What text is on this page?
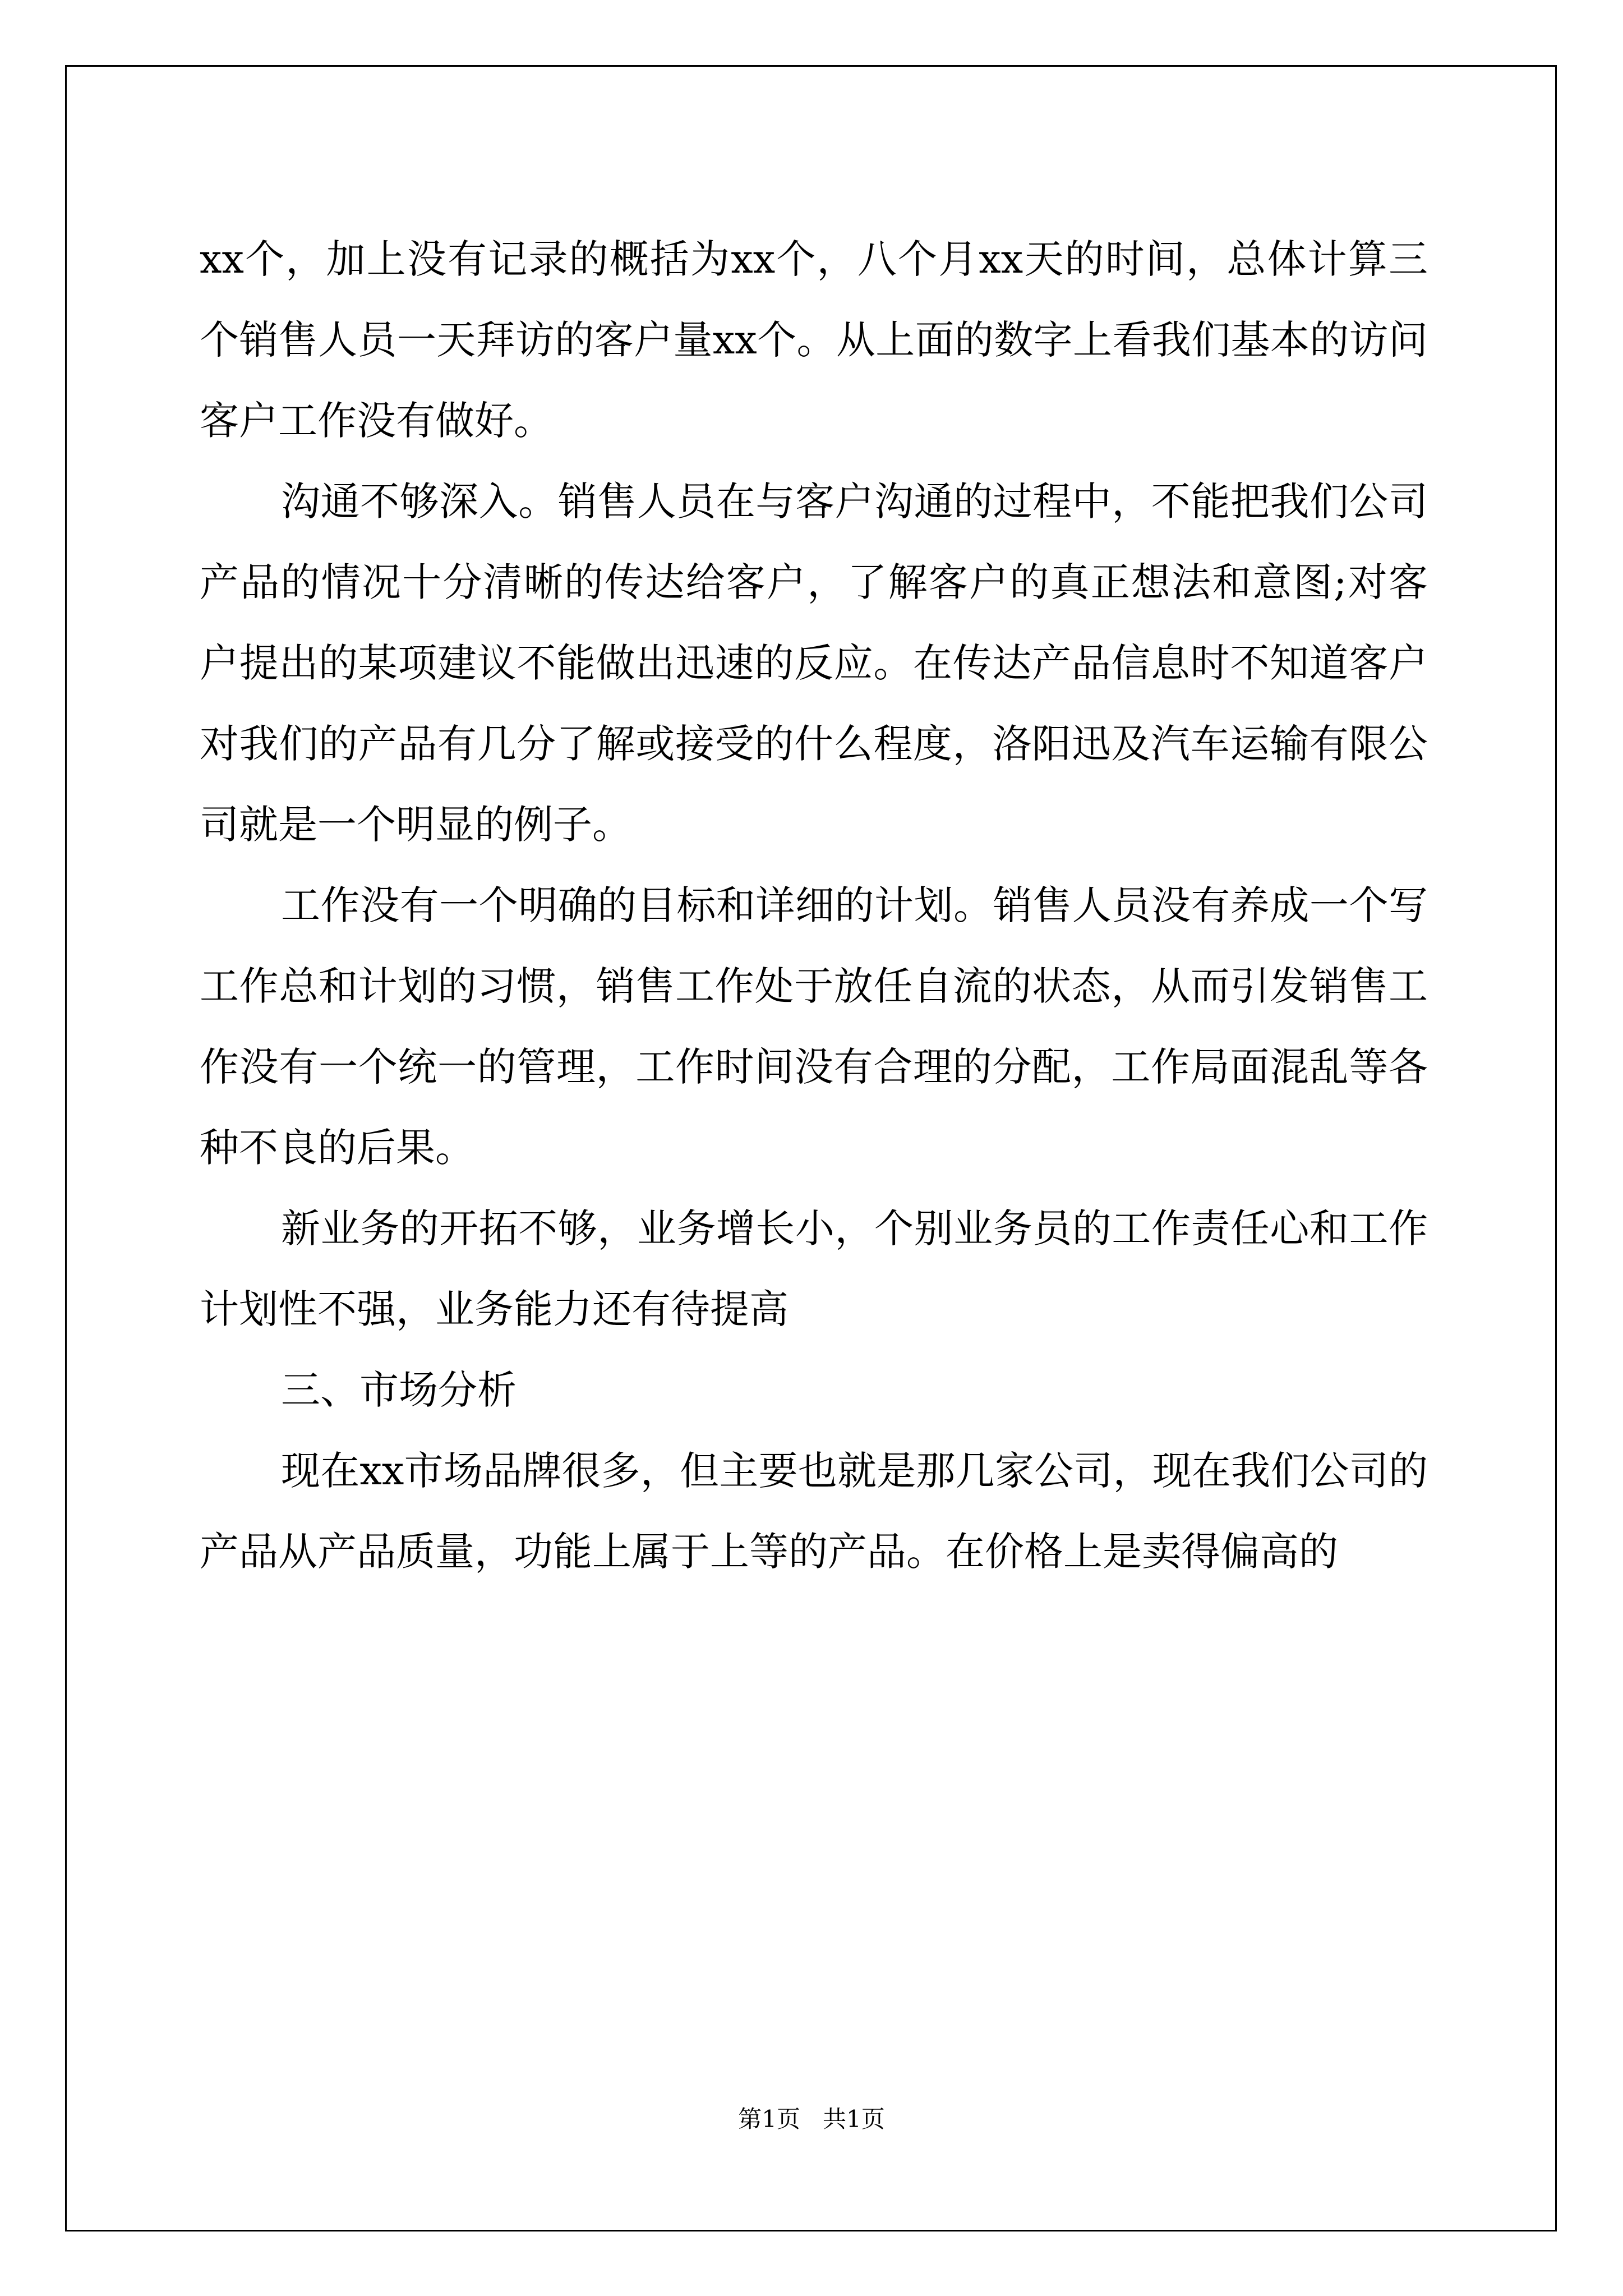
xx个，加上没有记录的概括为xx个，八个月xx天的时间，总体计算三个销售人员一天拜访的客户量xx个。从上面的数字上看我们基本的访问客户工作没有做好。

沟通不够深入。销售人员在与客户沟通的过程中，不能把我们公司产品的情况十分清晰的传达给客户，了解客户的真正想法和意图;对客户提出的某项建议不能做出迅速的反应。在传达产品信息时不知道客户对我们的产品有几分了解或接受的什么程度，洛阳迅及汽车运输有限公司就是一个明显的例子。

工作没有一个明确的目标和详细的计划。销售人员没有养成一个写工作总和计划的习惯，销售工作处于放任自流的状态，从而引发销售工作没有一个统一的管理，工作时间没有合理的分配，工作局面混乱等各种不良的后果。

新业务的开拓不够，业务增长小，个别业务员的工作责任心和工作计划性不强，业务能力还有待提高

三、市场分析

现在xx市场品牌很多，但主要也就是那几家公司，现在我们公司的产品从产品质量，功能上属于上等的产品。在价格上是卖得偏高的

第1页   共1页
